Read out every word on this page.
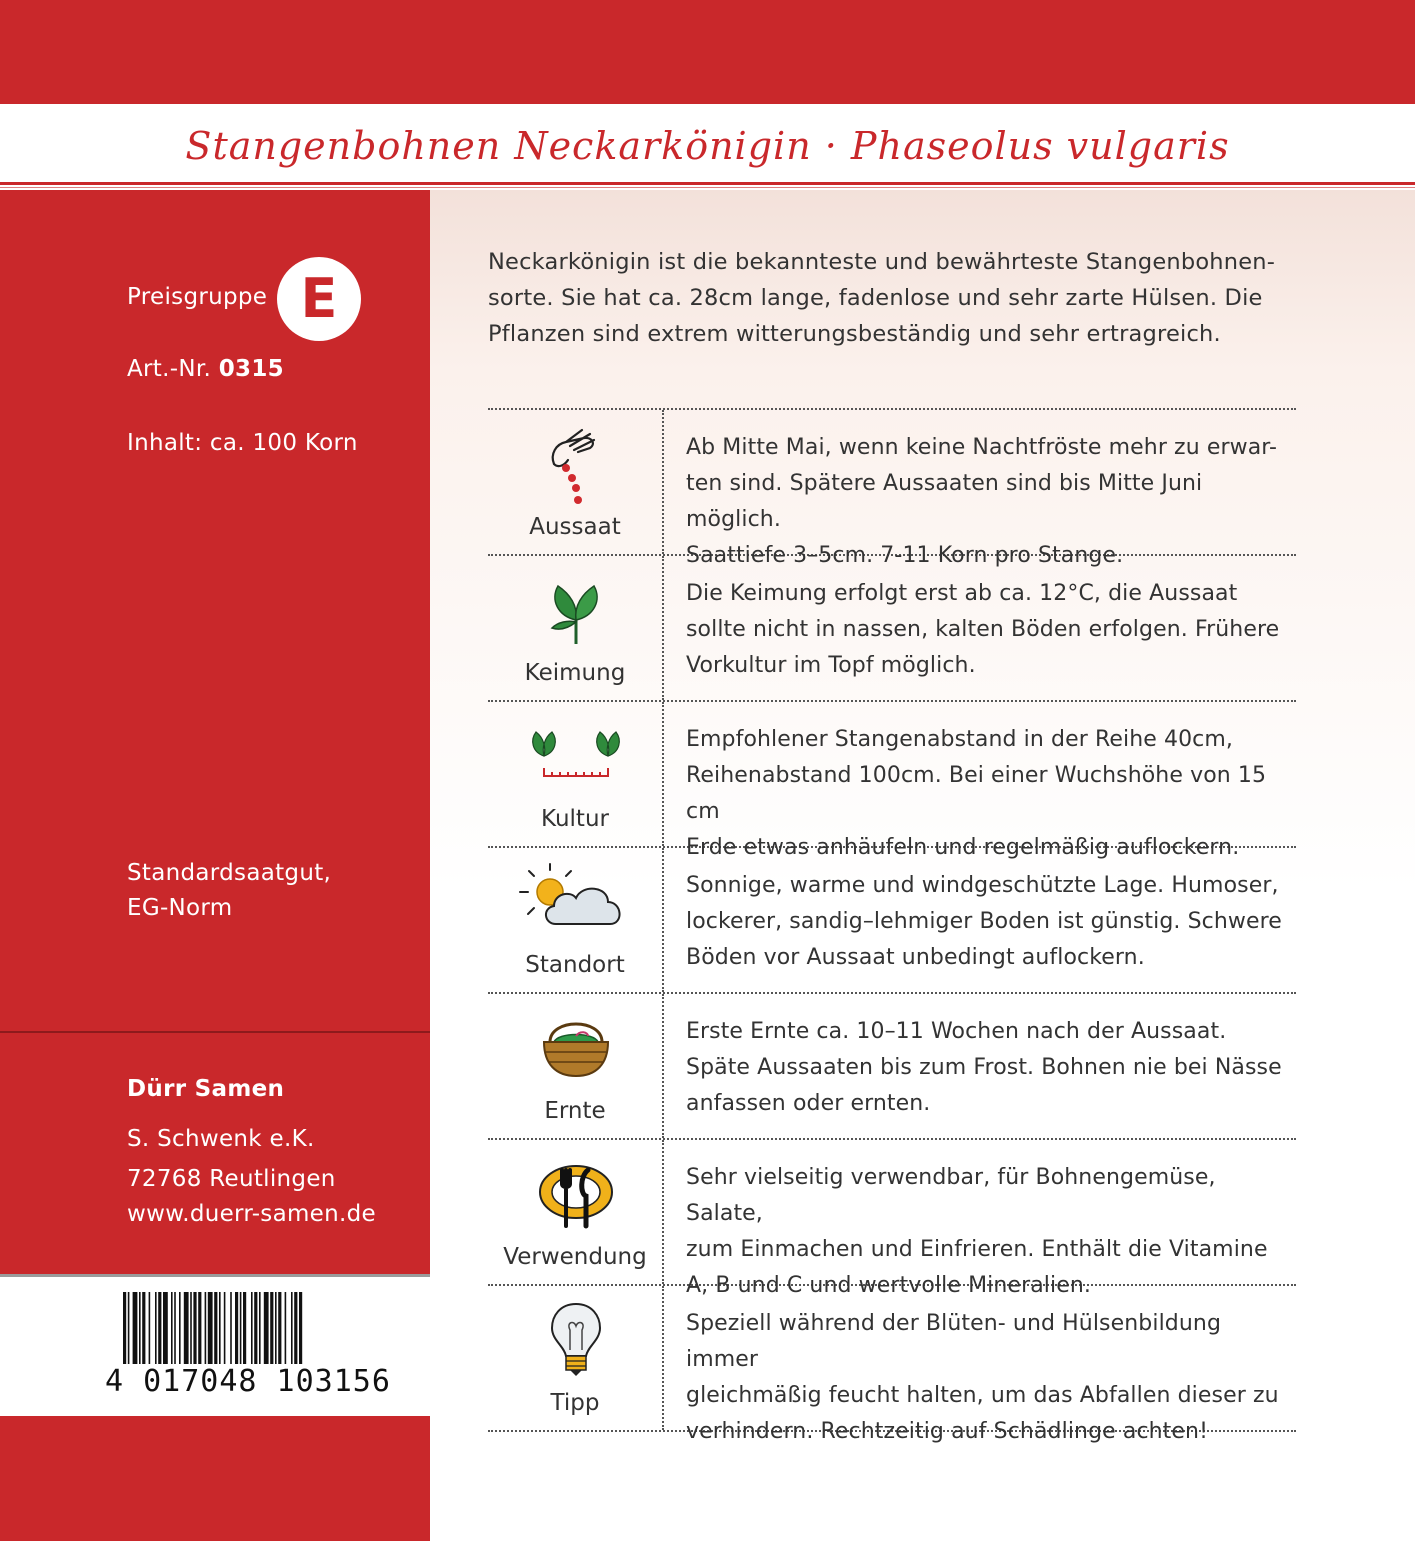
Stangenbohnen Neckarkönigin · Phaseolus vulgaris
Preisgruppe E
Art.-Nr. 0315
Inhalt: ca. 100 Korn
Standardsaatgut,
EG-Norm
Dürr Samen
S. Schwenk e.K.
72768 Reutlingen
www.duerr-samen.de
4 017048 103156
Neckarkönigin ist die bekannteste und bewährteste Stangenbohnen-
sorte. Sie hat ca. 28cm lange, fadenlose und sehr zarte Hülsen. Die
Pflanzen sind extrem witterungsbeständig und sehr ertragreich.
Aussaat
Ab Mitte Mai, wenn keine Nachtfröste mehr zu erwar-
ten sind. Spätere Aussaaten sind bis Mitte Juni möglich.
Saattiefe 3–5cm. 7-11 Korn pro Stange.
Keimung
Die Keimung erfolgt erst ab ca. 12°C, die Aussaat
sollte nicht in nassen, kalten Böden erfolgen. Frühere
Vorkultur im Topf möglich.
Kultur
Empfohlener Stangenabstand in der Reihe 40cm,
Reihenabstand 100cm. Bei einer Wuchshöhe von 15 cm
Erde etwas anhäufeln und regelmäßig auflockern.
Standort
Sonnige, warme und windgeschützte Lage. Humoser,
lockerer, sandig–lehmiger Boden ist günstig. Schwere
Böden vor Aussaat unbedingt auflockern.
Ernte
Erste Ernte ca. 10–11 Wochen nach der Aussaat.
Späte Aussaaten bis zum Frost. Bohnen nie bei Nässe
anfassen oder ernten.
Verwendung
Sehr vielseitig verwendbar, für Bohnengemüse, Salate,
zum Einmachen und Einfrieren. Enthält die Vitamine
A, B und C und wertvolle Mineralien.
Tipp
Speziell während der Blüten- und Hülsenbildung immer
gleichmäßig feucht halten, um das Abfallen dieser zu
verhindern. Rechtzeitig auf Schädlinge achten!
